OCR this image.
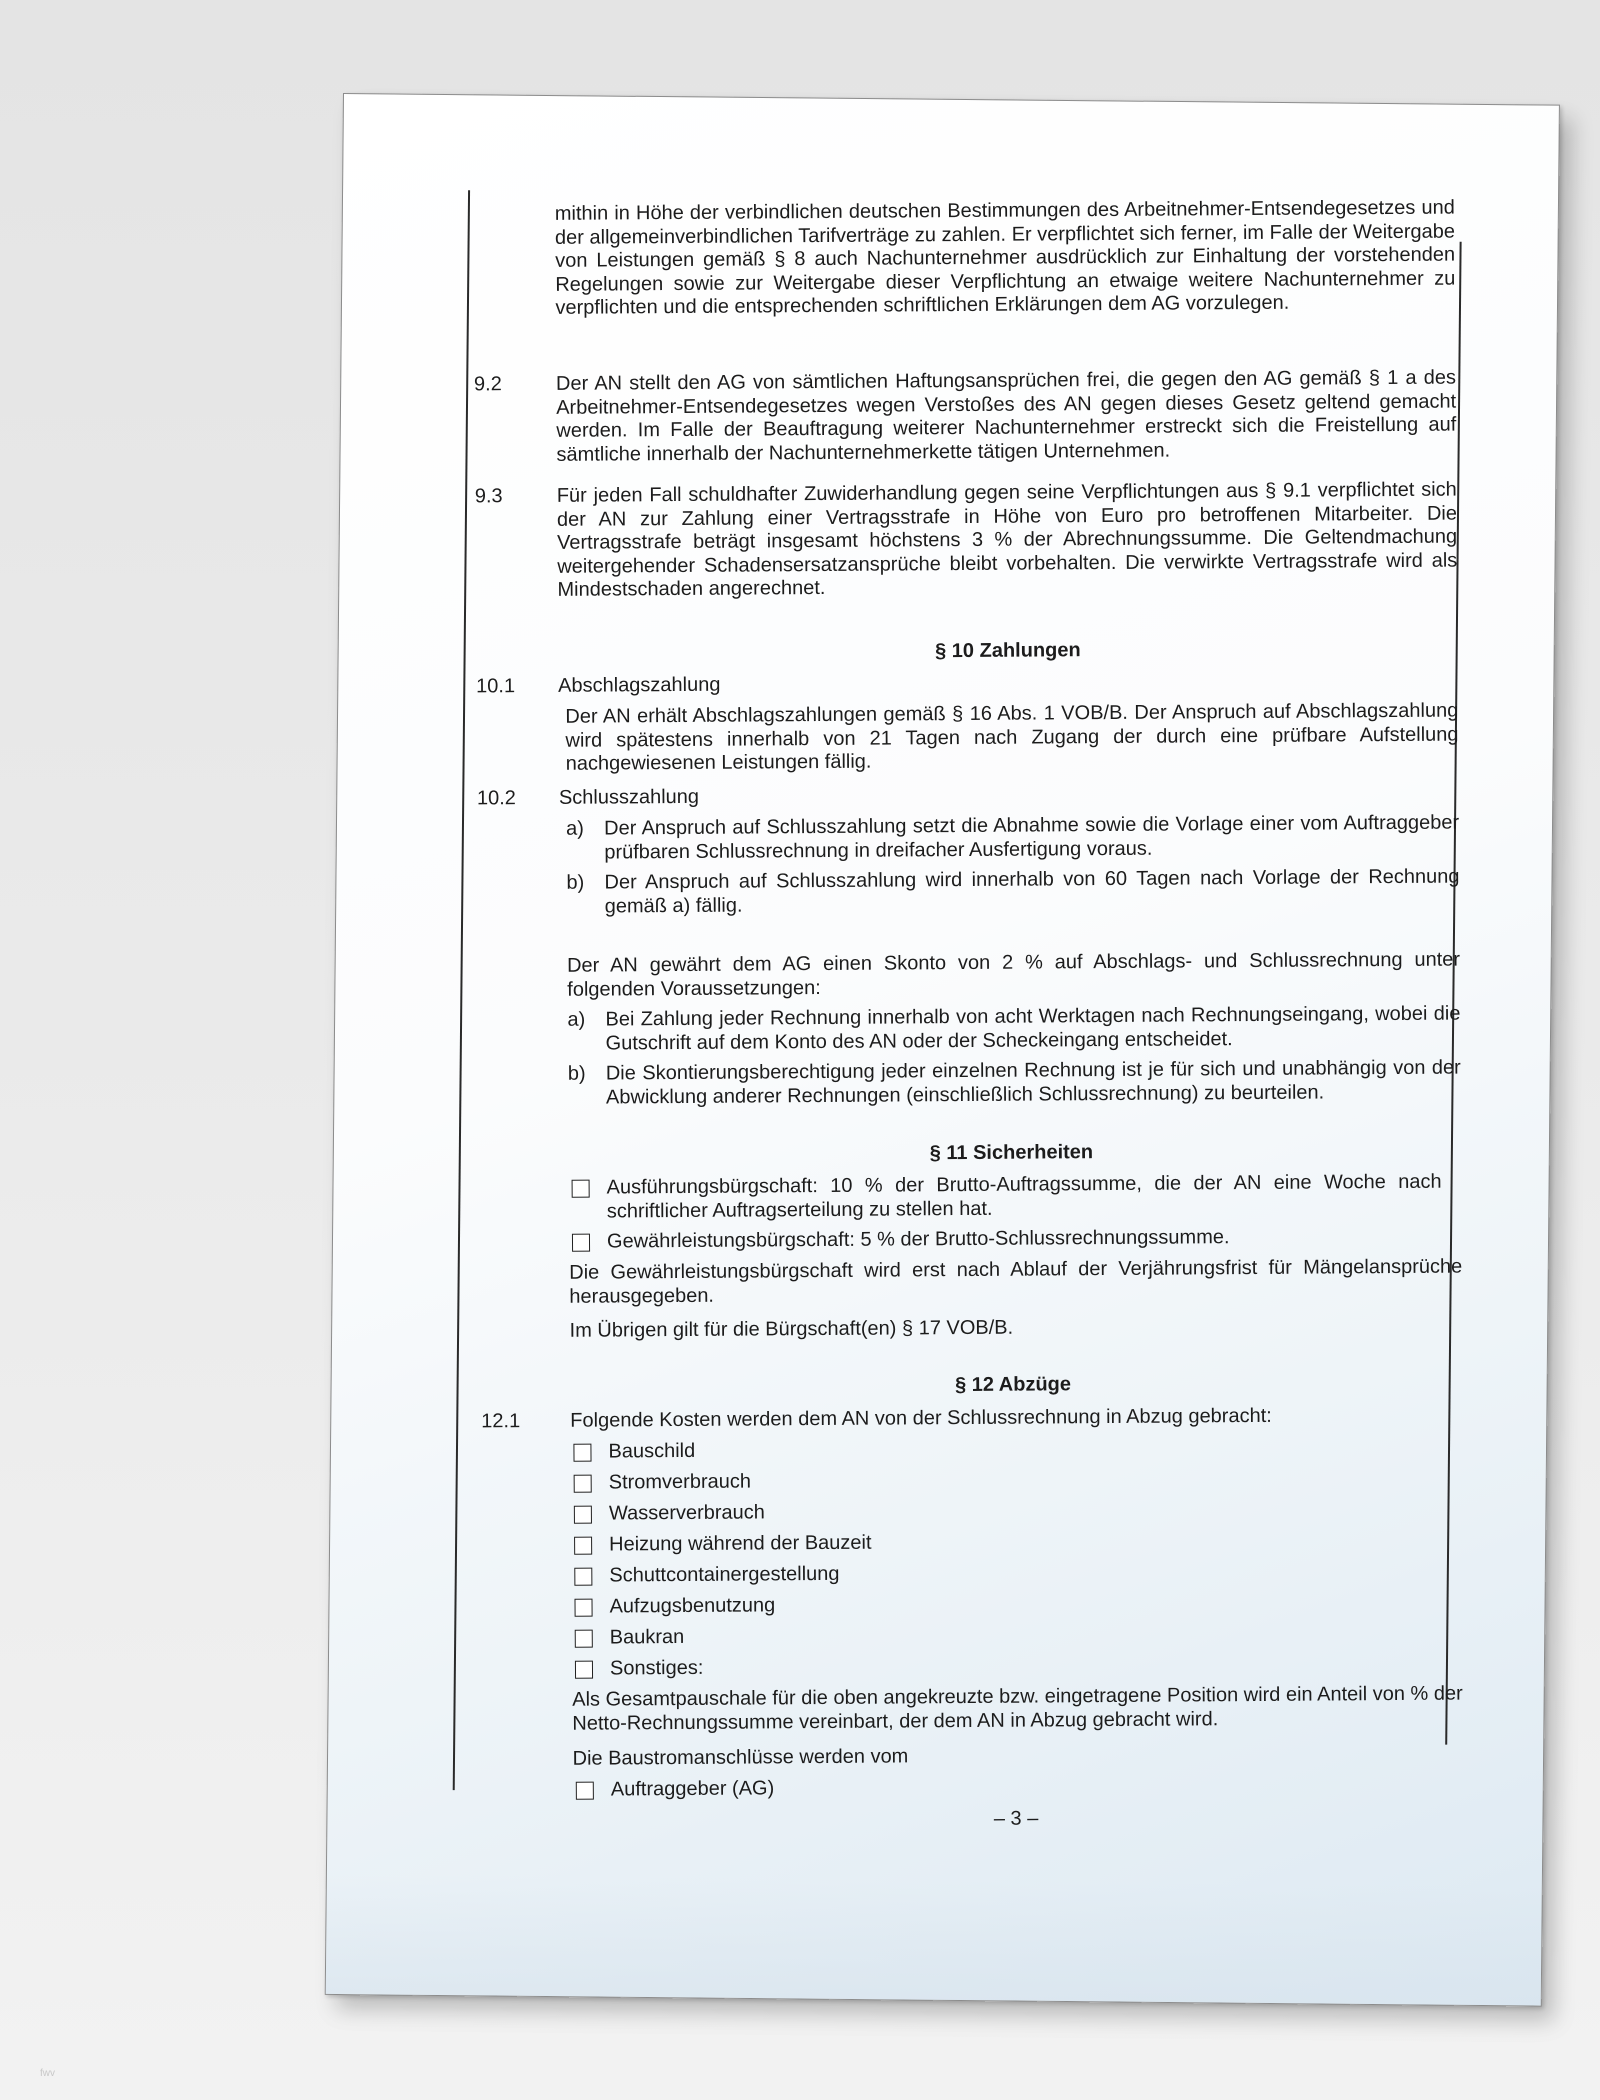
mithin in Höhe der verbindlichen deutschen Bestimmungen des Arbeitnehmer-Entsendegesetzes und der allgemeinverbindlichen Tarifverträge zu zahlen. Er verpflichtet sich ferner, im Falle der Weitergabe von Leistungen gemäß § 8 auch Nachunternehmer ausdrücklich zur Einhaltung der vorstehenden Regelungen sowie zur Weitergabe dieser Verpflichtung an etwaige weitere Nachunternehmer zu verpflichten und die entsprechenden schriftlichen Erklärungen dem AG vorzulegen.
9.2	Der AN stellt den AG von sämtlichen Haftungsansprüchen frei, die gegen den AG gemäß § 1 a des Arbeitnehmer-Entsendegesetzes wegen Verstoßes des AN gegen dieses Gesetz geltend gemacht werden. Im Falle der Beauftragung weiterer Nachunternehmer erstreckt sich die Freistellung auf sämtliche innerhalb der Nachunternehmerkette tätigen Unternehmen.
9.3	Für jeden Fall schuldhafter Zuwiderhandlung gegen seine Verpflichtungen aus § 9.1 verpflichtet sich der AN zur Zahlung einer Vertragsstrafe in Höhe von Euro pro betroffenen Mitarbeiter. Die Vertragsstrafe beträgt insgesamt höchstens 3 % der Abrechnungssumme. Die Geltendmachung weitergehender Schadensersatzansprüche bleibt vorbehalten. Die verwirkte Vertragsstrafe wird als Mindestschaden angerechnet.
§ 10 Zahlungen
10.1 Abschlagszahlung
Der AN erhält Abschlagszahlungen gemäß § 16 Abs. 1 VOB/B. Der Anspruch auf Abschlagszahlung wird spätestens innerhalb von 21 Tagen nach Zugang der durch eine prüfbare Aufstellung nachgewiesenen Leistungen fällig.
10.2 Schlusszahlung
a) Der Anspruch auf Schlusszahlung setzt die Abnahme sowie die Vorlage einer vom Auftraggeber prüfbaren Schlussrechnung in dreifacher Ausfertigung voraus.
b) Der Anspruch auf Schlusszahlung wird innerhalb von 60 Tagen nach Vorlage der Rechnung gemäß a) fällig.
Der AN gewährt dem AG einen Skonto von 2 % auf Abschlags- und Schlussrechnung unter folgenden Voraussetzungen:
a) Bei Zahlung jeder Rechnung innerhalb von acht Werktagen nach Rechnungseingang, wobei die Gutschrift auf dem Konto des AN oder der Scheckeingang entscheidet.
b) Die Skontierungsberechtigung jeder einzelnen Rechnung ist je für sich und unabhängig von der Abwicklung anderer Rechnungen (einschließlich Schlussrechnung) zu beurteilen.
§ 11 Sicherheiten
Ausführungsbürgschaft: 10 % der Brutto-Auftragssumme, die der AN eine Woche nach schriftlicher Auftragserteilung zu stellen hat.
Gewährleistungsbürgschaft: 5 % der Brutto-Schlussrechnungssumme.
Die Gewährleistungsbürgschaft wird erst nach Ablauf der Verjährungsfrist für Mängelansprüche herausgegeben.
Im Übrigen gilt für die Bürgschaft(en) § 17 VOB/B.
§ 12 Abzüge
12.1 Folgende Kosten werden dem AN von der Schlussrechnung in Abzug gebracht:
Bauschild
Stromverbrauch
Wasserverbrauch
Heizung während der Bauzeit
Schuttcontainergestellung
Aufzugsbenutzung
Baukran
Sonstiges:
Als Gesamtpauschale für die oben angekreuzte bzw. eingetragene Position wird ein Anteil von % der Netto-Rechnungssumme vereinbart, der dem AN in Abzug gebracht wird.
Die Baustromanschlüsse werden vom
Auftraggeber (AG)
– 3 –
fwv
